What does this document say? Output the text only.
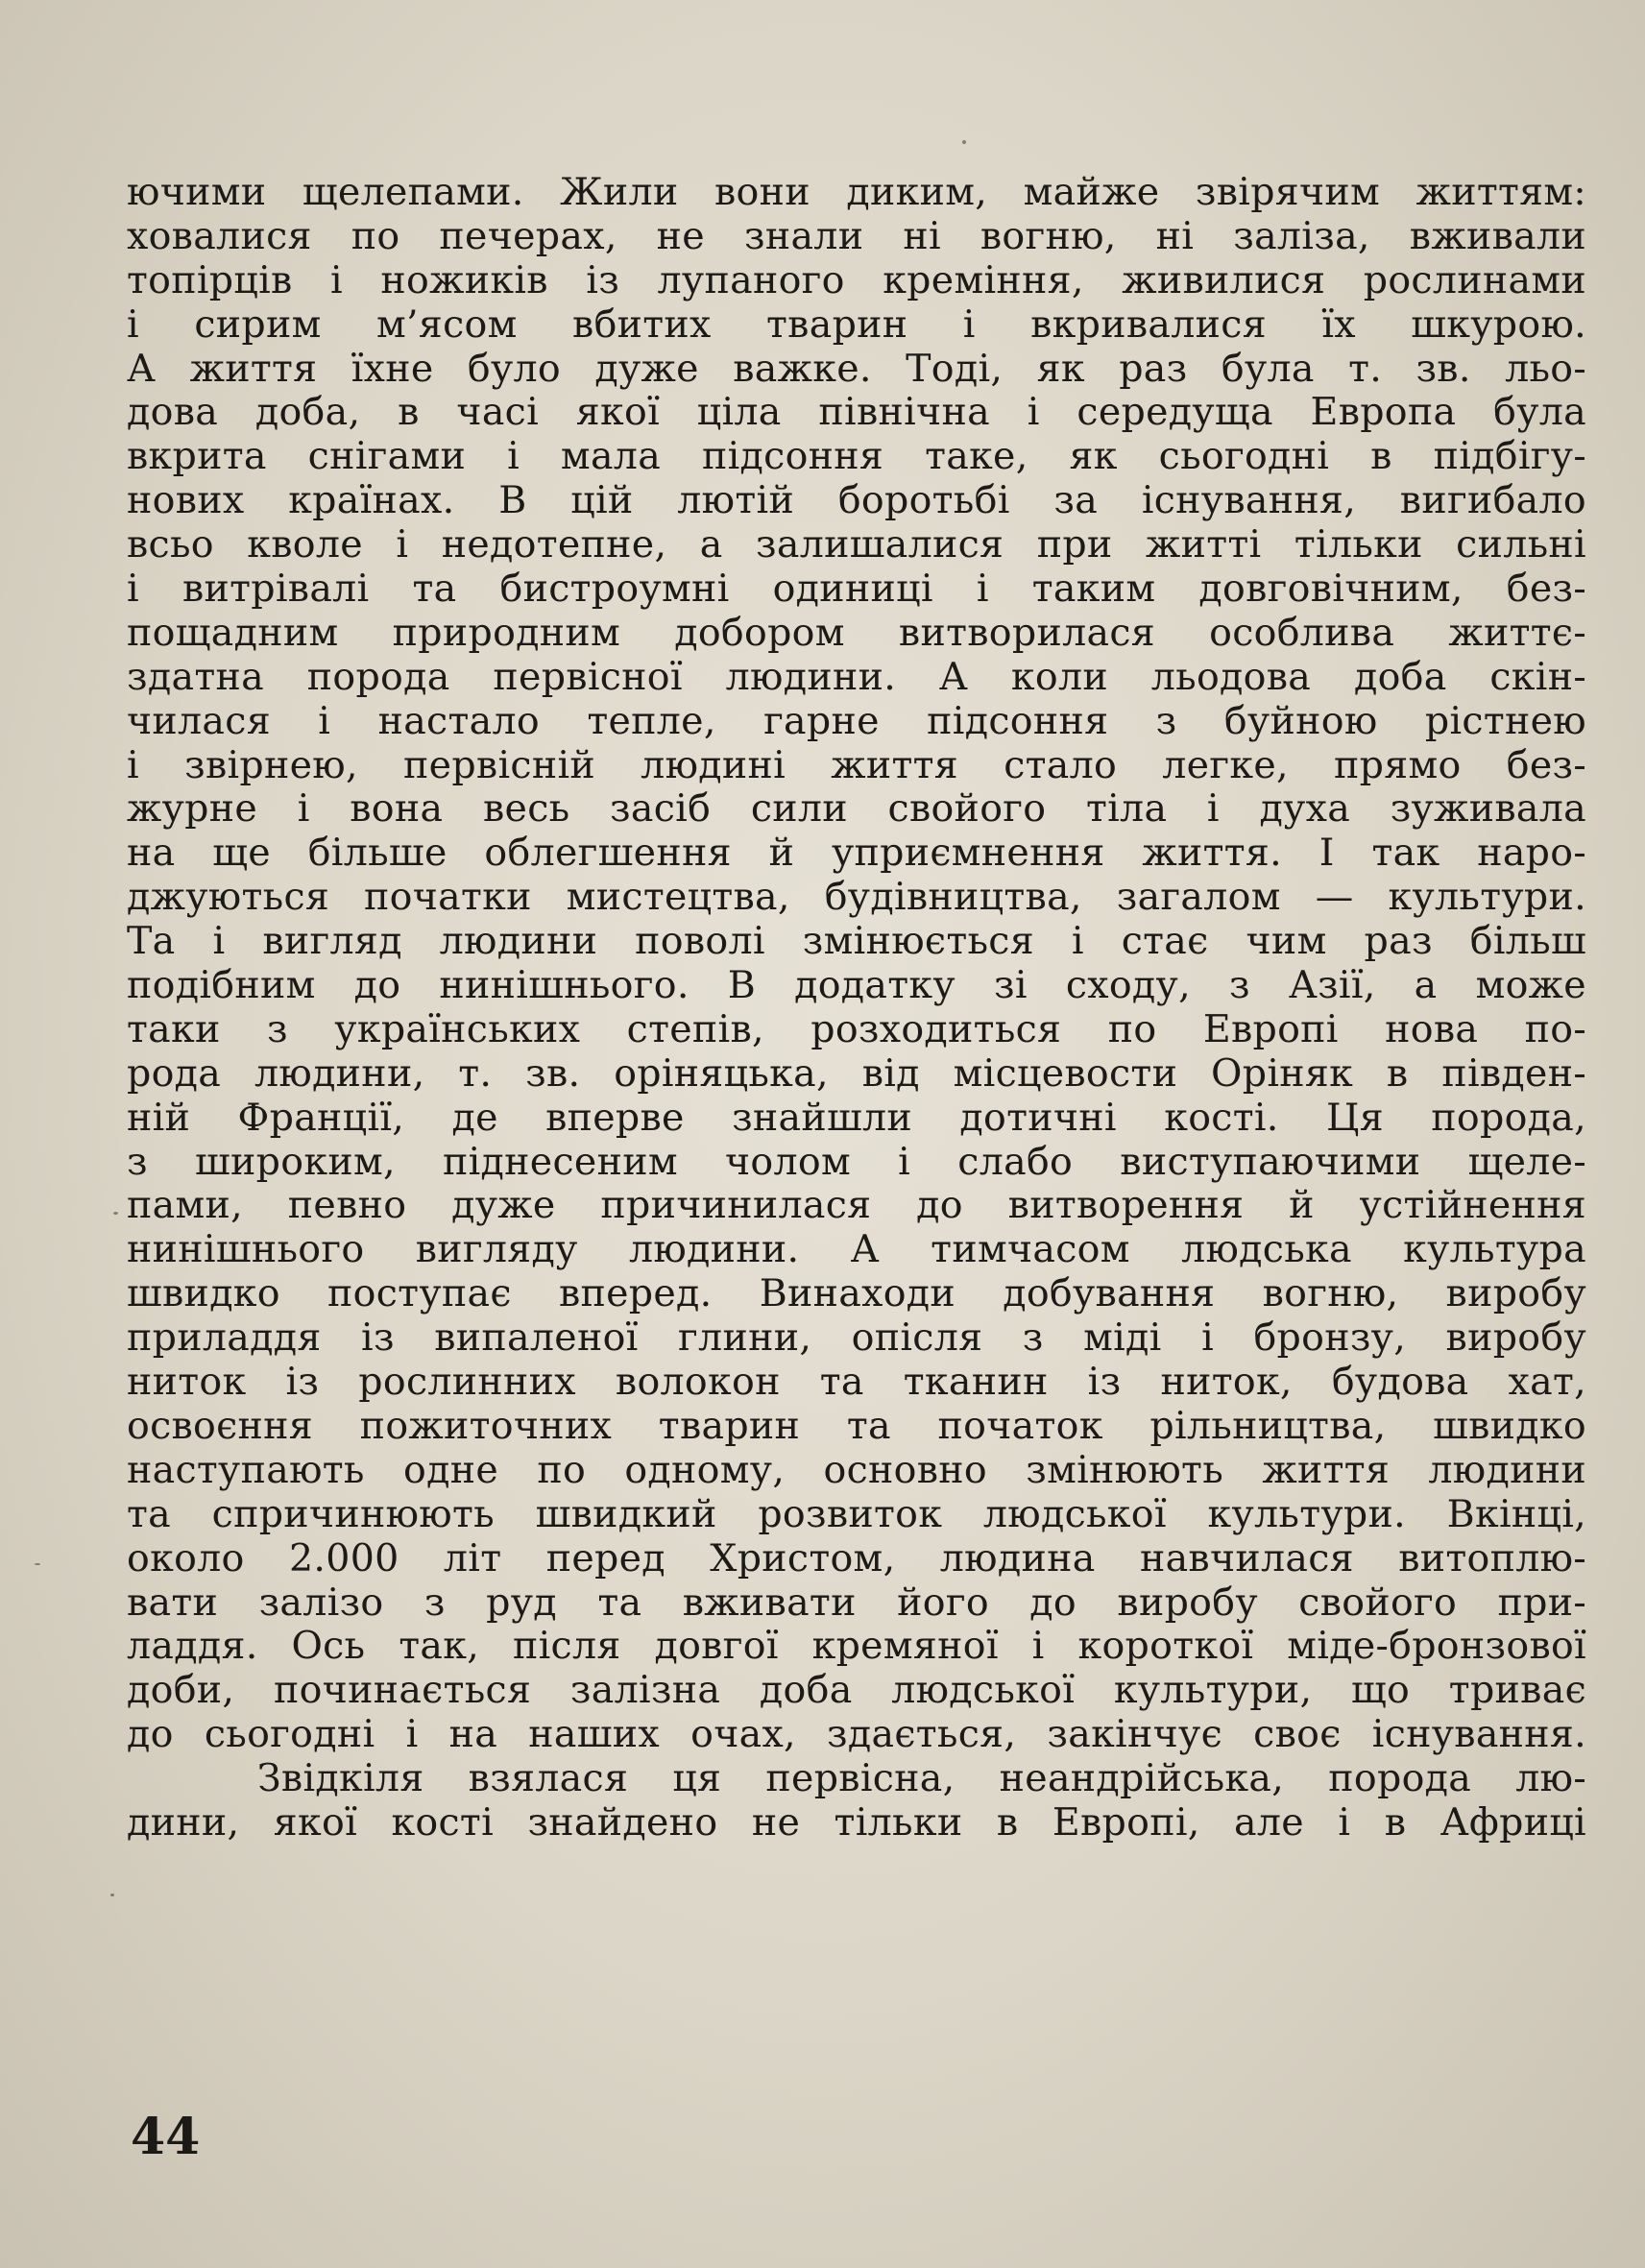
ючими щелепами. Жили вони диким, майже звірячим життям:
ховалися по печерах, не знали ні вогню, ні заліза, вживали
топірців і ножиків із лупаного креміння, живилися рослинами
і сирим м’ясом вбитих тварин і вкривалися їх шкурою.
А життя їхне було дуже важке. Тоді, як раз була т. зв. льо-
дова доба, в часі якої ціла північна і середуща Европа була
вкрита снігами і мала підсоння таке, як сьогодні в підбігу-
нових країнах. В цій лютій боротьбі за існування, вигибало
всьо кволе і недотепне, а залишалися при житті тільки сильні
і витрівалі та бистроумні одиниці і таким довговічним, без-
пощадним природним добором витворилася особлива життє-
здатна порода первісної людини. А коли льодова доба скін-
чилася і настало тепле, гарне підсоння з буйною рістнею
і звірнею, первісній людині життя стало легке, прямо без-
журне і вона весь засіб сили свойого тіла і духа зуживала
на ще більше облегшення й уприємнення життя. І так наро-
джуються початки мистецтва, будівництва, загалом — культури.
Та і вигляд людини поволі змінюється і стає чим раз більш
подібним до нинішнього. В додатку зі сходу, з Азії, а може
таки з українських степів, розходиться по Европі нова по-
рода людини, т. зв. оріняцька, від місцевости Оріняк в півден-
ній Франції, де вперве знайшли дотичні кості. Ця порода,
з широким, піднесеним чолом і слабо виступаючими щеле-
пами, певно дуже причинилася до витворення й устійнення
нинішнього вигляду людини. А тимчасом людська культура
швидко поступає вперед. Винаходи добування вогню, виробу
приладдя із випаленої глини, опісля з міді і бронзу, виробу
ниток із рослинних волокон та тканин із ниток, будова хат,
освоєння пожиточних тварин та початок рільництва, швидко
наступають одне по одному, основно змінюють життя людини
та спричинюють швидкий розвиток людської культури. Вкінці,
около 2.000 літ перед Христом, людина навчилася витоплю-
вати залізо з руд та вживати його до виробу свойого при-
ладдя. Ось так, після довгої кремяної і короткої міде-бронзової
доби, починається залізна доба людської культури, що триває
до сьогодні і на наших очах, здається, закінчує своє існування.
Звідкіля взялася ця первісна, неандрійська, порода лю-
дини, якої кості знайдено не тільки в Европі, але і в Африці
44
